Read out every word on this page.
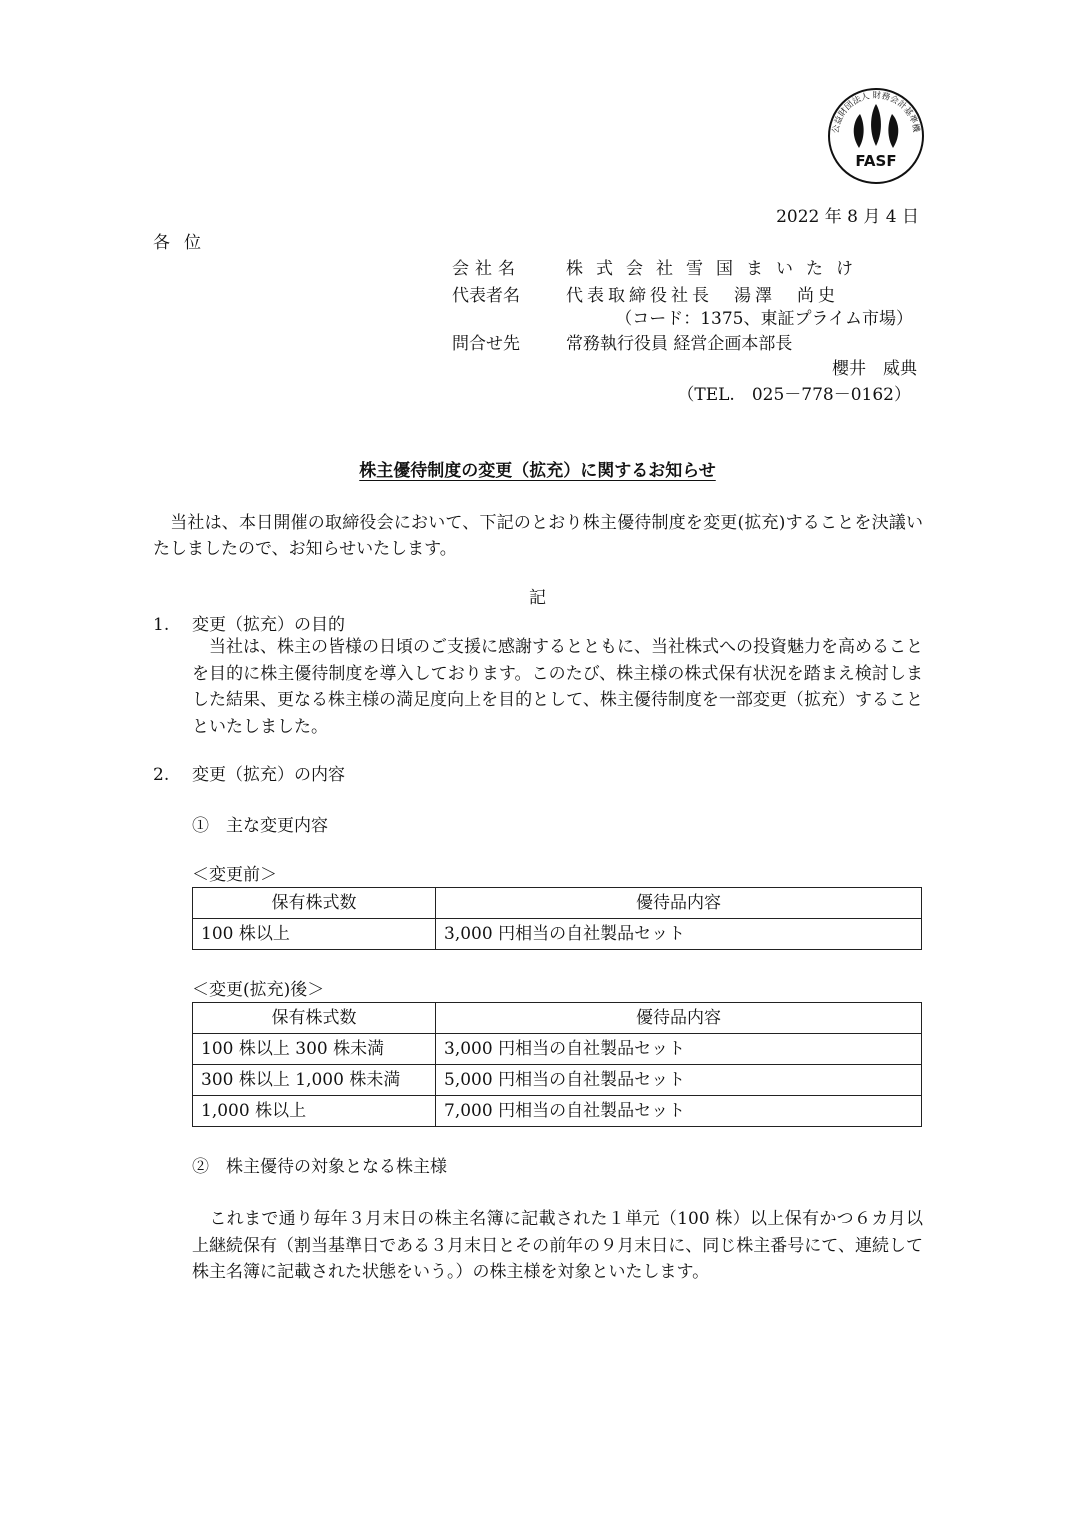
公益財団法人 財務会計基準機
FASF
2022 年 8 月 4 日
各位
会社名	株式会社雪国まいたけ
代表者名	代表取締役社長　湯澤　尚史
（コード：1375、東証プライム市場）
問合せ先	常務執行役員 経営企画本部長
櫻井　威典
（TEL.　025－778－0162）
株主優待制度の変更（拡充）に関するお知らせ
当社は、本日開催の取締役会において、下記のとおり株主優待制度を変更(拡充)することを決議いたしましたので、お知らせいたします。
記
1. 変更（拡充）の目的
当社は、株主の皆様の日頃のご支援に感謝するとともに、当社株式への投資魅力を高めることを目的に株主優待制度を導入しております。このたび、株主様の株式保有状況を踏まえ検討しました結果、更なる株主様の満足度向上を目的として、株主優待制度を一部変更（拡充）することといたしました。
2. 変更（拡充）の内容
①　主な変更内容
＜変更前＞
保有株式数	優待品内容
100 株以上	3,000 円相当の自社製品セット
＜変更(拡充)後＞
保有株式数	優待品内容
100 株以上 300 株未満	3,000 円相当の自社製品セット
300 株以上 1,000 株未満	5,000 円相当の自社製品セット
1,000 株以上	7,000 円相当の自社製品セット
②　株主優待の対象となる株主様
これまで通り毎年３月末日の株主名簿に記載された１単元（100 株）以上保有かつ６カ月以上継続保有（割当基準日である３月末日とその前年の９月末日に、同じ株主番号にて、連続して株主名簿に記載された状態をいう。）の株主様を対象といたします。
